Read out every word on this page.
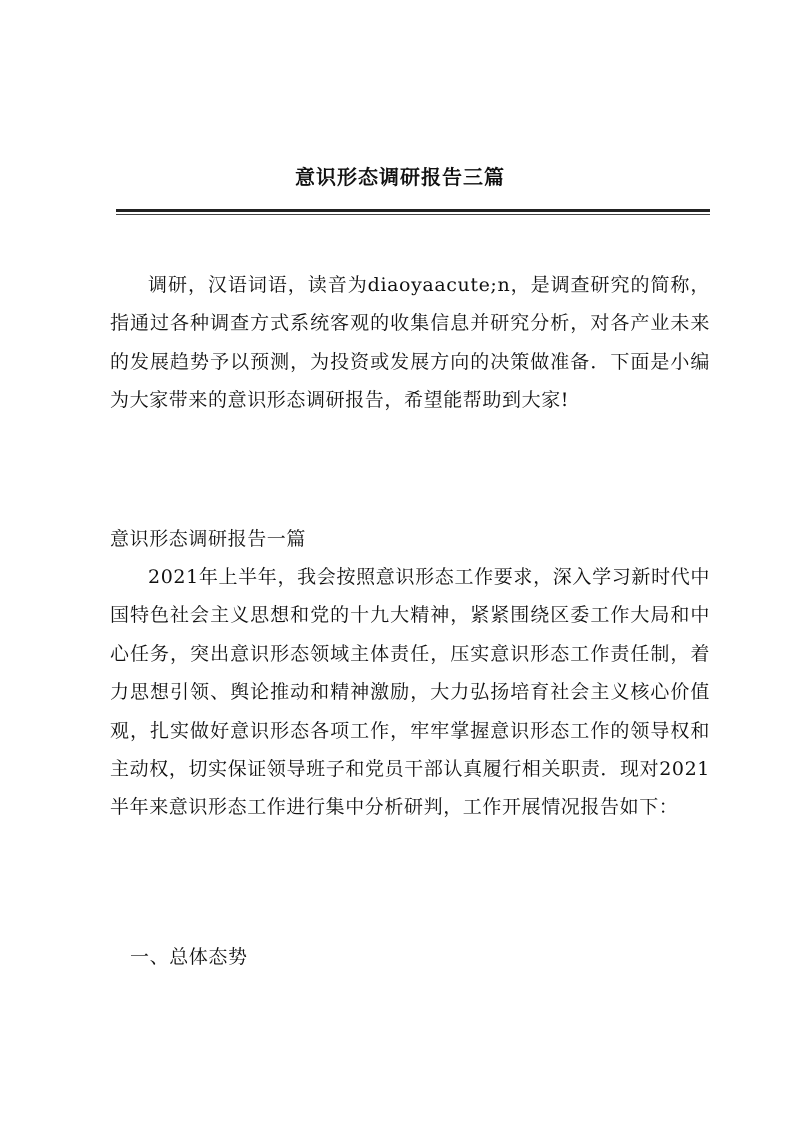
意识形态调研报告三篇

调研，汉语词语，读音为diaoyaacute;n，是调查研究的简称，指通过各种调查方式系统客观的收集信息并研究分析，对各产业未来的发展趋势予以预测，为投资或发展方向的决策做准备．下面是小编为大家带来的意识形态调研报告，希望能帮助到大家!

意识形态调研报告一篇

2021年上半年，我会按照意识形态工作要求，深入学习新时代中国特色社会主义思想和党的十九大精神，紧紧围绕区委工作大局和中心任务，突出意识形态领域主体责任，压实意识形态工作责任制，着力思想引领、舆论推动和精神激励，大力弘扬培育社会主义核心价值观，扎实做好意识形态各项工作，牢牢掌握意识形态工作的领导权和主动权，切实保证领导班子和党员干部认真履行相关职责．现对2021半年来意识形态工作进行集中分析研判，工作开展情况报告如下：

一、总体态势
